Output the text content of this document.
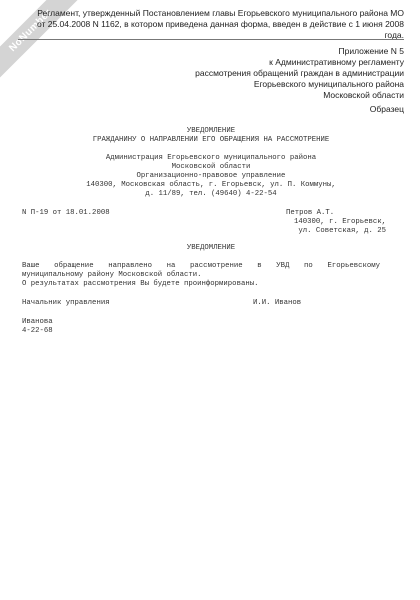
NoNumber
Регламент, утвержденный Постановлением главы Егорьевского муниципального района МО
от 25.04.2008 N 1162, в котором приведена данная форма, введен в действие с 1 июня 2008 года.
Приложение N 5
к Административному регламенту
рассмотрения обращений граждан в администрации
Егорьевского муниципального района
Московской области
Образец
УВЕДОМЛЕНИЕ
ГРАЖДАНИНУ О НАПРАВЛЕНИИ ЕГО ОБРАЩЕНИЯ НА РАССМОТРЕНИЕ
Администрация Егорьевского муниципального района
Московской области
Организационно-правовое управление
140300, Московская область, г. Егорьевск, ул. П. Коммуны,
д. 11/89, тел. (49640) 4-22-54
N П-19 от 18.01.2008	Петров А.Т.
140300, г. Егорьевск,
ул. Советская, д. 25
УВЕДОМЛЕНИЕ
Ваше обращение направлено на рассмотрение в УВД по Егорьевскому
муниципальному району Московской области.
О результатах рассмотрения Вы будете проинформированы.
Начальник управления	И.И. Иванов
Иванова
4-22-68
